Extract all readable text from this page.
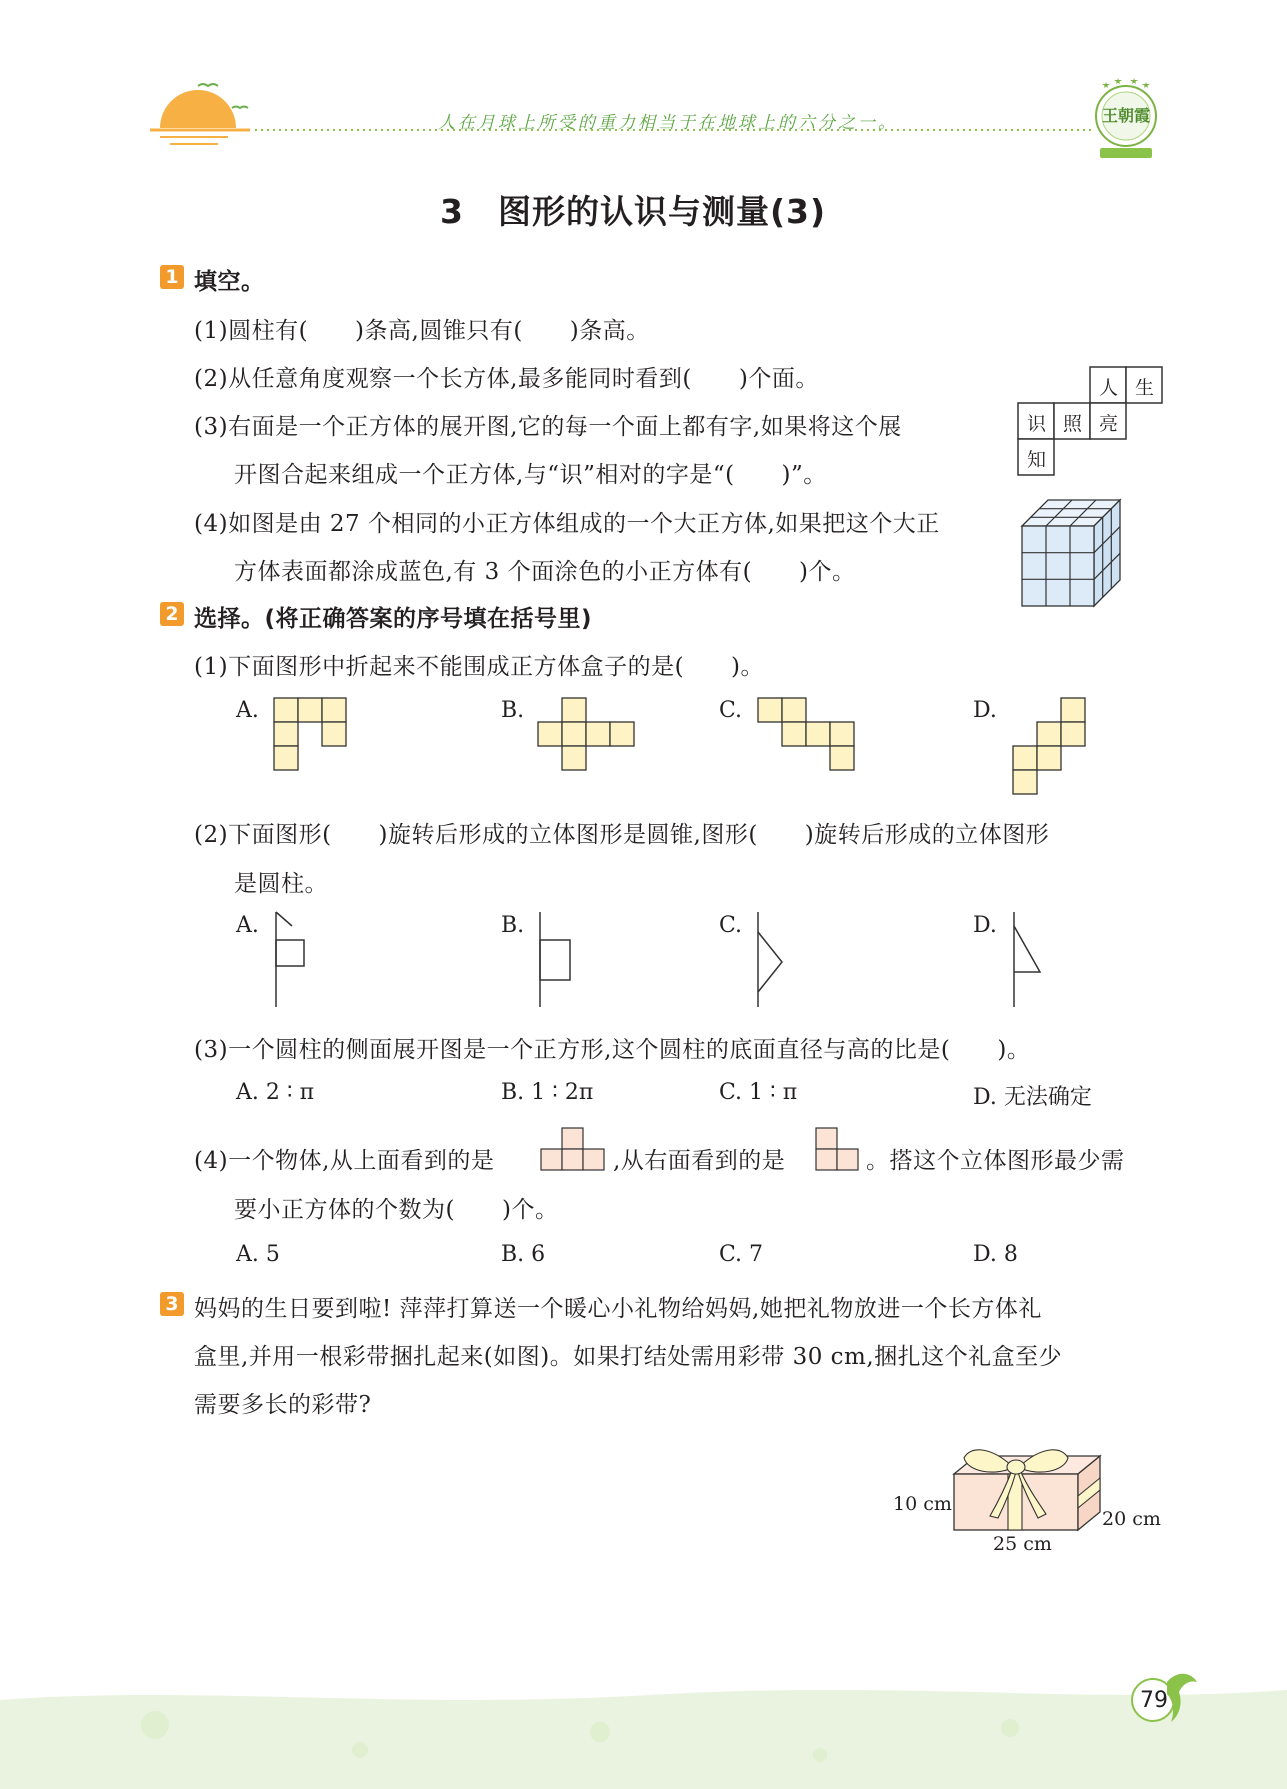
人在月球上所受的重力相当于在地球上的六分之一。	王朝霞
3　图形的认识与测量(3)
1 填空。
(1)圆柱有(　　)条高,圆锥只有(　　)条高。
(2)从任意角度观察一个长方体,最多能同时看到(　　)个面。
(3)右面是一个正方体的展开图,它的每一个面上都有字,如果将这个展
开图合起来组成一个正方体,与“识”相对的字是“(　　)”。
人 生
识 照 亮
知
(4)如图是由 27 个相同的小正方体组成的一个大正方体,如果把这个大正
方体表面都涂成蓝色,有 3 个面涂色的小正方体有(　　)个。
2 选择。(将正确答案的序号填在括号里)
(1)下面图形中折起来不能围成正方体盒子的是(　　)。
A.	B.	C.	D.
(2)下面图形(　　)旋转后形成的立体图形是圆锥,图形(　　)旋转后形成的立体图形
是圆柱。
A.	B.	C.	D.
(3)一个圆柱的侧面展开图是一个正方形,这个圆柱的底面直径与高的比是(　　)。
A. 2 ∶ π	B. 1 ∶ 2π	C. 1 ∶ π	D. 无法确定
(4)一个物体,从上面看到的是	,从右面看到的是	。搭这个立体图形最少需
要小正方体的个数为(　　)个。
A. 5	B. 6	C. 7	D. 8
3 妈妈的生日要到啦! 萍萍打算送一个暖心小礼物给妈妈,她把礼物放进一个长方体礼
盒里,并用一根彩带捆扎起来(如图)。如果打结处需用彩带 30 cm,捆扎这个礼盒至少
需要多长的彩带?
10 cm
20 cm
25 cm
79
